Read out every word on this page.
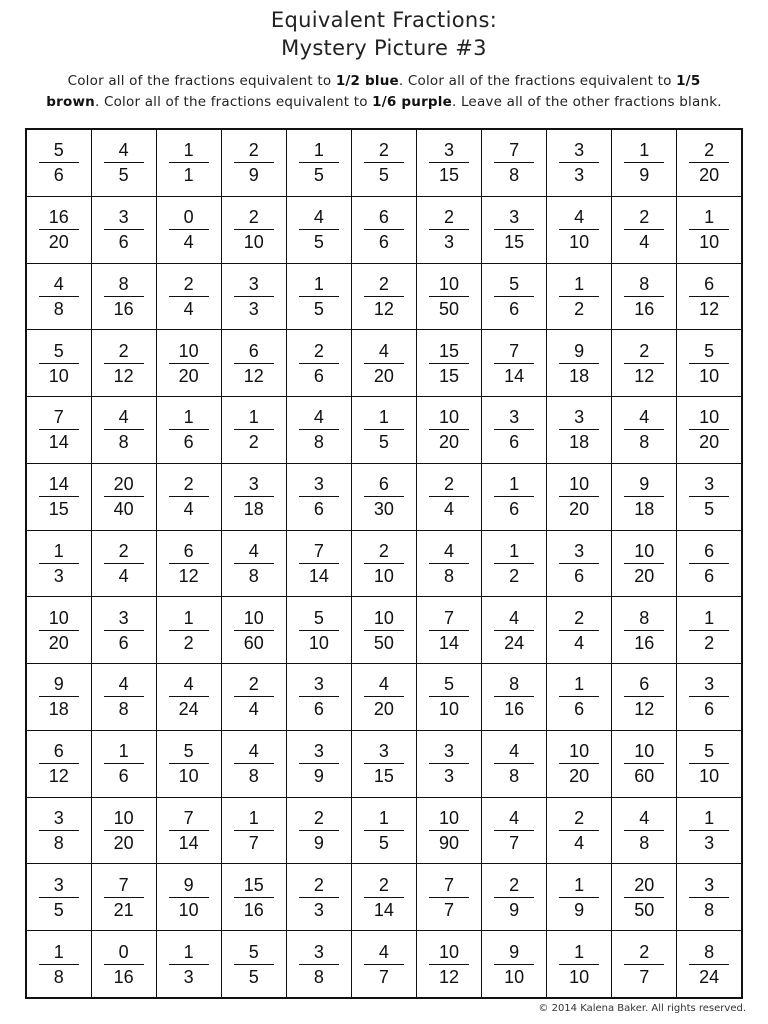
Equivalent Fractions:
Mystery Picture #3
Color all of the fractions equivalent to 1/2 blue. Color all of the fractions equivalent to 1/5
brown. Color all of the fractions equivalent to 1/6 purple. Leave all of the other fractions blank.
$\frac{5}{6}$	$\frac{4}{5}$	$\frac{1}{1}$	$\frac{2}{9}$	$\frac{1}{5}$	$\frac{2}{5}$	$\frac{3}{15}$	$\frac{7}{8}$	$\frac{3}{3}$	$\frac{1}{9}$	$\frac{2}{20}$

$\frac{16}{20}$	$\frac{3}{6}$	$\frac{0}{4}$	$\frac{2}{10}$	$\frac{4}{5}$	$\frac{6}{6}$	$\frac{2}{3}$	$\frac{3}{15}$	$\frac{4}{10}$	$\frac{2}{4}$	$\frac{1}{10}$

$\frac{4}{8}$	$\frac{8}{16}$	$\frac{2}{4}$	$\frac{3}{3}$	$\frac{1}{5}$	$\frac{2}{12}$	$\frac{10}{50}$	$\frac{5}{6}$	$\frac{1}{2}$	$\frac{8}{16}$	$\frac{6}{12}$

$\frac{5}{10}$	$\frac{2}{12}$	$\frac{10}{20}$	$\frac{6}{12}$	$\frac{2}{6}$	$\frac{4}{20}$	$\frac{15}{15}$	$\frac{7}{14}$	$\frac{9}{18}$	$\frac{2}{12}$	$\frac{5}{10}$

$\frac{7}{14}$	$\frac{4}{8}$	$\frac{1}{6}$	$\frac{1}{2}$	$\frac{4}{8}$	$\frac{1}{5}$	$\frac{10}{20}$	$\frac{3}{6}$	$\frac{3}{18}$	$\frac{4}{8}$	$\frac{10}{20}$

$\frac{14}{15}$	$\frac{20}{40}$	$\frac{2}{4}$	$\frac{3}{18}$	$\frac{3}{6}$	$\frac{6}{30}$	$\frac{2}{4}$	$\frac{1}{6}$	$\frac{10}{20}$	$\frac{9}{18}$	$\frac{3}{5}$

$\frac{1}{3}$	$\frac{2}{4}$	$\frac{6}{12}$	$\frac{4}{8}$	$\frac{7}{14}$	$\frac{2}{10}$	$\frac{4}{8}$	$\frac{1}{2}$	$\frac{3}{6}$	$\frac{10}{20}$	$\frac{6}{6}$

$\frac{10}{20}$	$\frac{3}{6}$	$\frac{1}{2}$	$\frac{10}{60}$	$\frac{5}{10}$	$\frac{10}{50}$	$\frac{7}{14}$	$\frac{4}{24}$	$\frac{2}{4}$	$\frac{8}{16}$	$\frac{1}{2}$

$\frac{9}{18}$	$\frac{4}{8}$	$\frac{4}{24}$	$\frac{2}{4}$	$\frac{3}{6}$	$\frac{4}{20}$	$\frac{5}{10}$	$\frac{8}{16}$	$\frac{1}{6}$	$\frac{6}{12}$	$\frac{3}{6}$

$\frac{6}{12}$	$\frac{1}{6}$	$\frac{5}{10}$	$\frac{4}{8}$	$\frac{3}{9}$	$\frac{3}{15}$	$\frac{3}{3}$	$\frac{4}{8}$	$\frac{10}{20}$	$\frac{10}{60}$	$\frac{5}{10}$

$\frac{3}{8}$	$\frac{10}{20}$	$\frac{7}{14}$	$\frac{1}{7}$	$\frac{2}{9}$	$\frac{1}{5}$	$\frac{10}{90}$	$\frac{4}{7}$	$\frac{2}{4}$	$\frac{4}{8}$	$\frac{1}{3}$

$\frac{3}{5}$	$\frac{7}{21}$	$\frac{9}{10}$	$\frac{15}{16}$	$\frac{2}{3}$	$\frac{2}{14}$	$\frac{7}{7}$	$\frac{2}{9}$	$\frac{1}{9}$	$\frac{20}{50}$	$\frac{3}{8}$

$\frac{1}{8}$	$\frac{0}{16}$	$\frac{1}{3}$	$\frac{5}{5}$	$\frac{3}{8}$	$\frac{4}{7}$	$\frac{10}{12}$	$\frac{9}{10}$	$\frac{1}{10}$	$\frac{2}{7}$	$\frac{8}{24}$
© 2014 Kalena Baker. All rights reserved.
